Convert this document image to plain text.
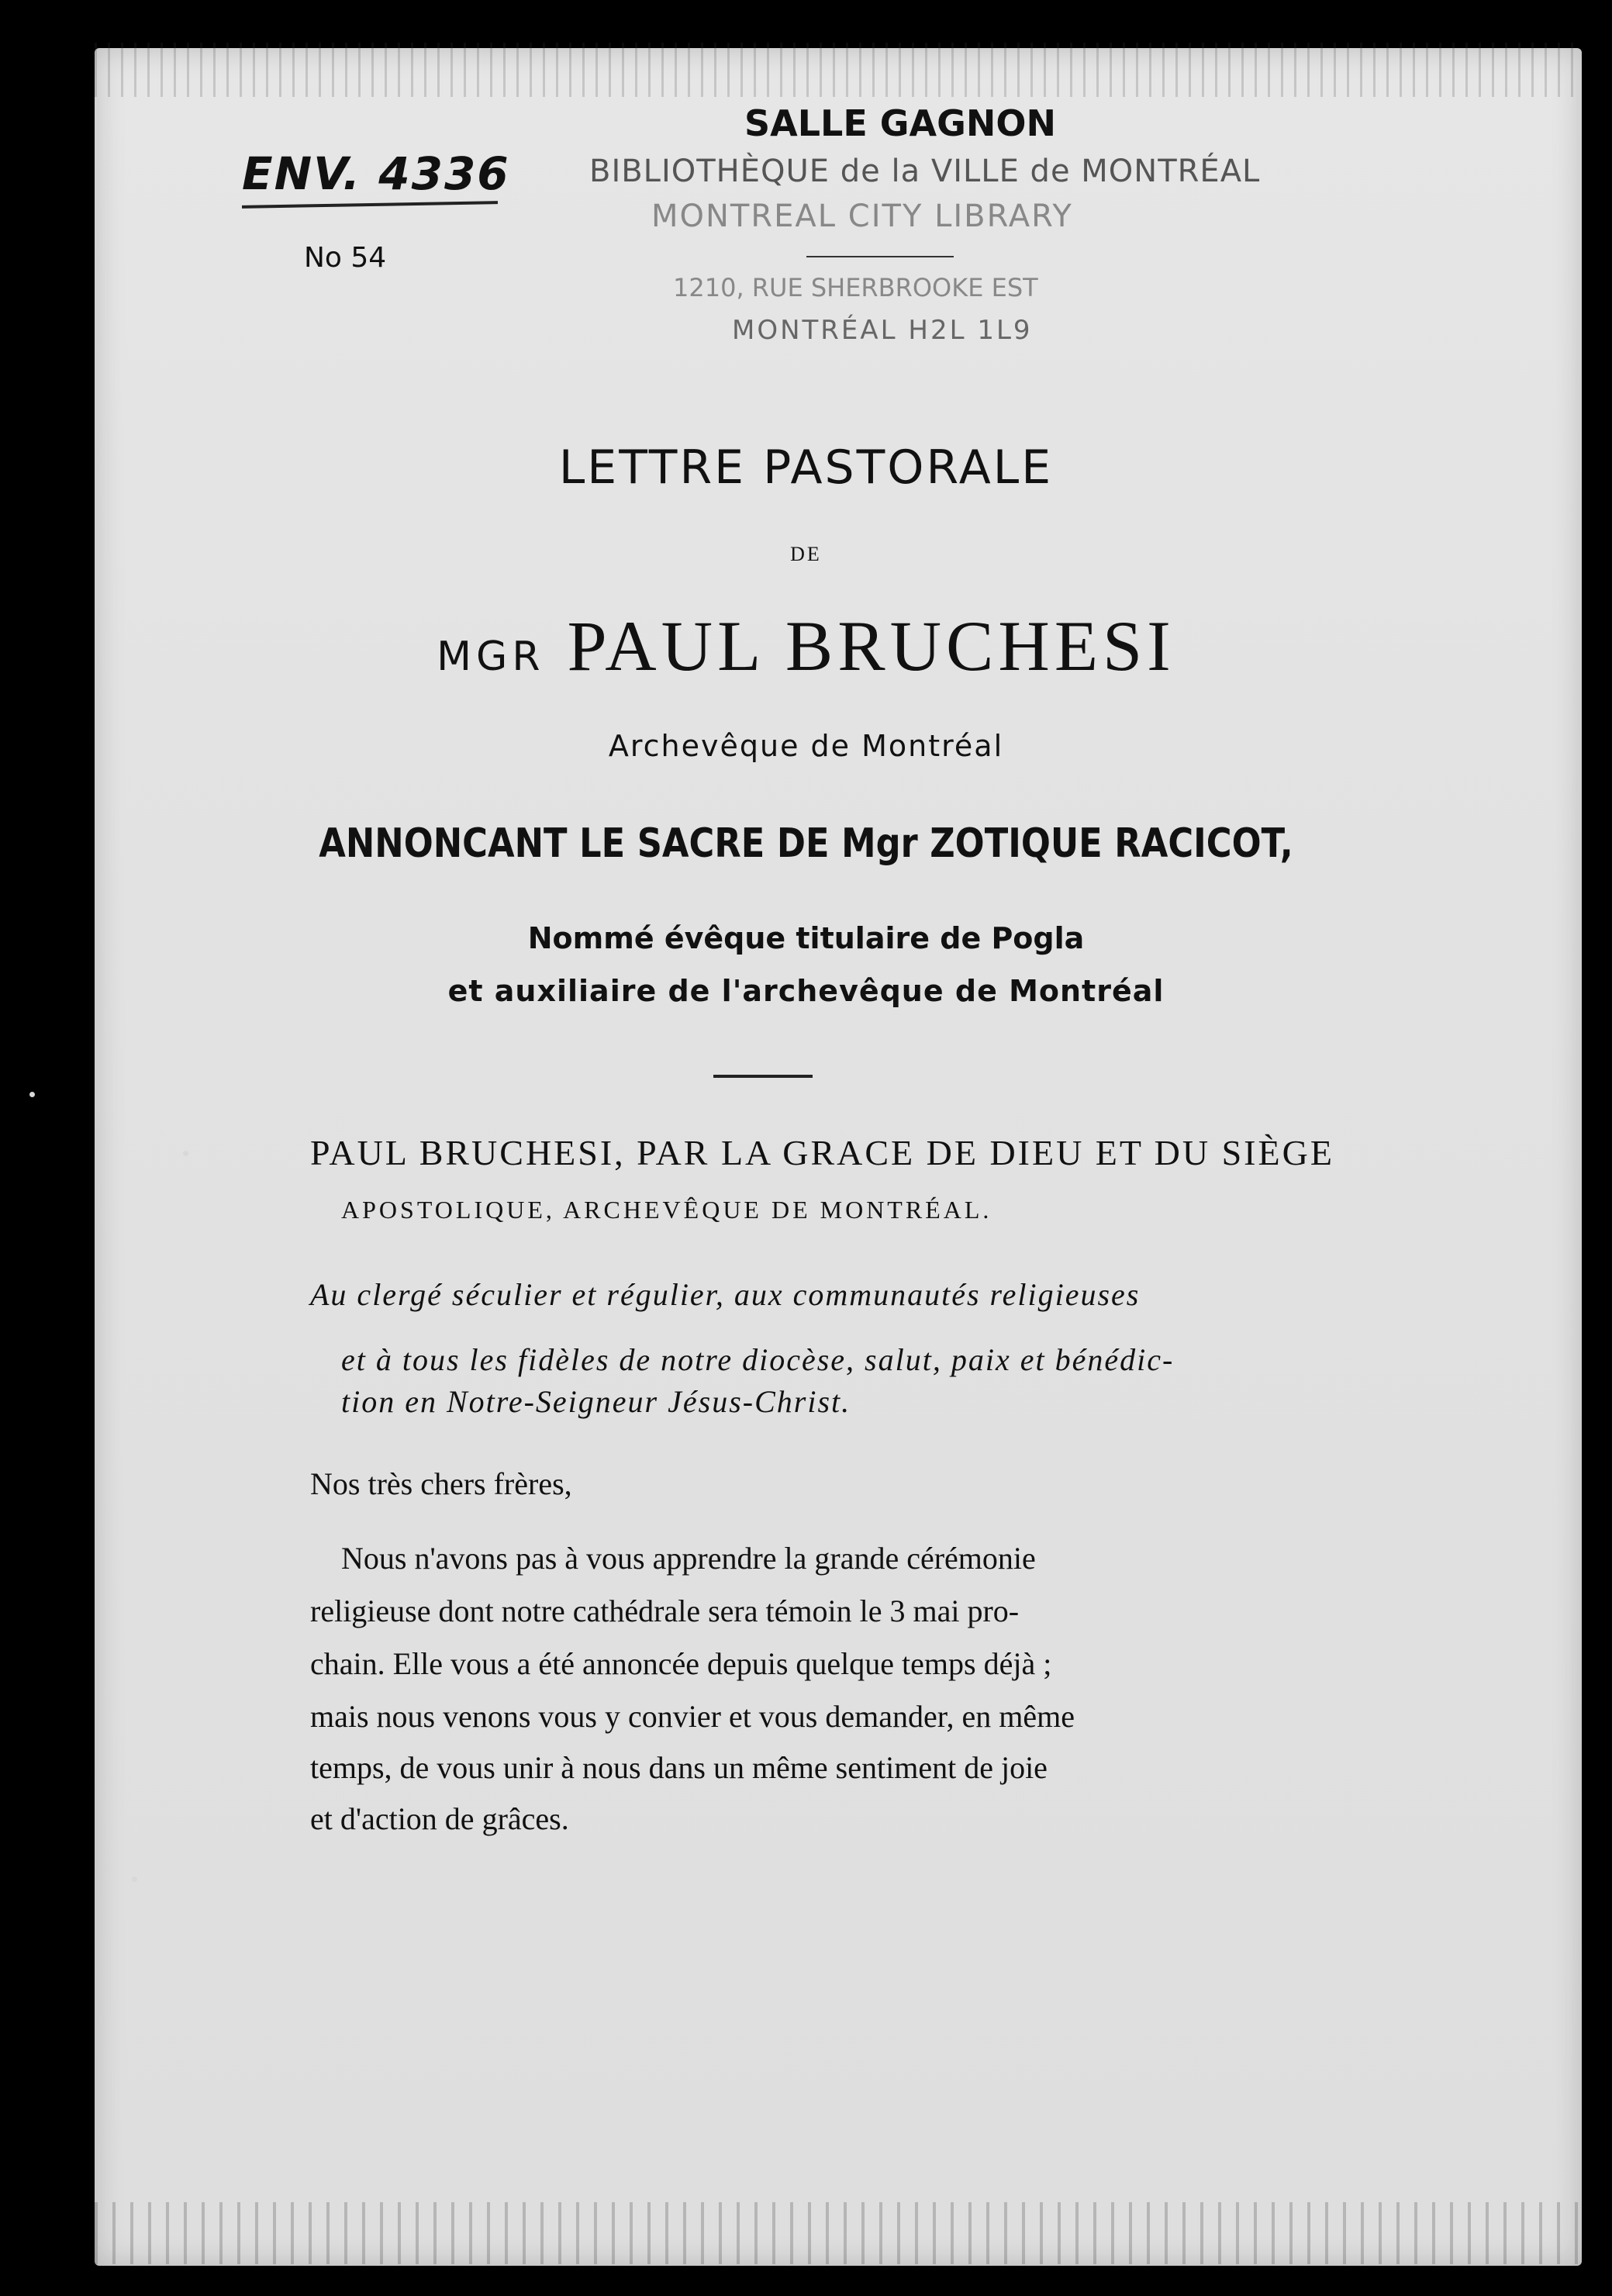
ENV. 4336

No 54

SALLE GAGNON

BIBLIOTHÈQUE de la VILLE de MONTRÉAL

MONTREAL CITY LIBRARY

1210, RUE SHERBROOKE EST

MONTRÉAL H2L 1L9

LETTRE PASTORALE

DE

MGR PAUL BRUCHESI

Archevêque de Montréal

ANNONCANT LE SACRE DE Mgr ZOTIQUE RACICOT,

Nommé évêque titulaire de Pogla

et auxiliaire de l'archevêque de Montréal

PAUL BRUCHESI, PAR LA GRACE DE DIEU ET DU SIÈGE

APOSTOLIQUE, ARCHEVÊQUE DE MONTRÉAL.

Au clergé séculier et régulier, aux communautés religieuses

et à tous les fidèles de notre diocèse, salut, paix et bénédic-

tion en Notre-Seigneur Jésus-Christ.

Nos très chers frères,

Nous n'avons pas à vous apprendre la grande cérémonie

religieuse dont notre cathédrale sera témoin le 3 mai pro-

chain. Elle vous a été annoncée depuis quelque temps déjà ;

mais nous venons vous y convier et vous demander, en même

temps, de vous unir à nous dans un même sentiment de joie

et d'action de grâces.
